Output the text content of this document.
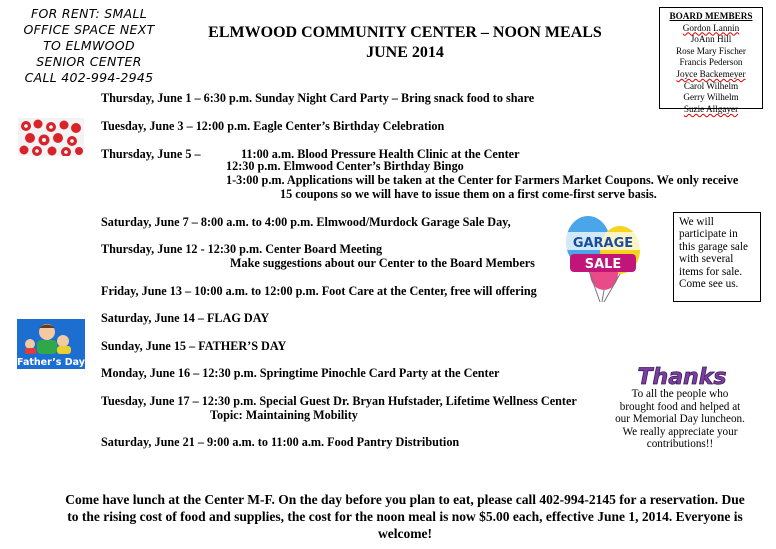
FOR RENT: SMALL
OFFICE SPACE NEXT
TO ELMWOOD
SENIOR CENTER
CALL 402-994-2945
ELMWOOD COMMUNITY CENTER – NOON MEALS
JUNE 2014
BOARD MEMBERS
Gordon Lannin
JoAnn Hill
Rose Mary Fischer
Francis Pederson
Joyce Backemeyer
Carol Wilhelm
Gerry Wilhelm
Suzie Allgayer
Thursday, June 1 – 6:30 p.m. Sunday Night Card Party – Bring snack food to share
Tuesday, June 3 – 12:00 p.m. Eagle Center’s Birthday Celebration
Thursday, June 5 –	11:00 a.m. Blood Pressure Health Clinic at the Center
12:30 p.m. Elmwood Center’s Birthday Bingo
1-3:00 p.m. Applications will be taken at the Center for Farmers Market Coupons. We only receive
15 coupons so we will have to issue them on a first come-first serve basis.
Saturday, June 7 – 8:00 a.m. to 4:00 p.m. Elmwood/Murdock Garage Sale Day,
Thursday, June 12 - 12:30 p.m. Center Board Meeting
Make suggestions about our Center to the Board Members
Friday, June 13 – 10:00 a.m. to 12:00 p.m. Foot Care at the Center, free will offering
Saturday, June 14 – FLAG DAY
Sunday, June 15 – FATHER’S DAY
Monday, June 16 – 12:30 p.m. Springtime Pinochle Card Party at the Center
Tuesday, June 17 – 12:30 p.m. Special Guest Dr. Bryan Hufstader, Lifetime Wellness Center
Topic: Maintaining Mobility
Saturday, June 21 – 9:00 a.m. to 11:00 a.m. Food Pantry Distribution
GARAGE
SALE
We will participate in this garage sale with several items for sale. Come see us.
Father’s Day
Thanks
To all the people who brought food and helped at our Memorial Day luncheon. We really appreciate your contributions!!
Come have lunch at the Center M-F. On the day before you plan to eat, please call 402-994-2145 for a reservation. Due to the rising cost of food and supplies, the cost for the noon meal is now $5.00 each, effective June 1, 2014. Everyone is welcome!
